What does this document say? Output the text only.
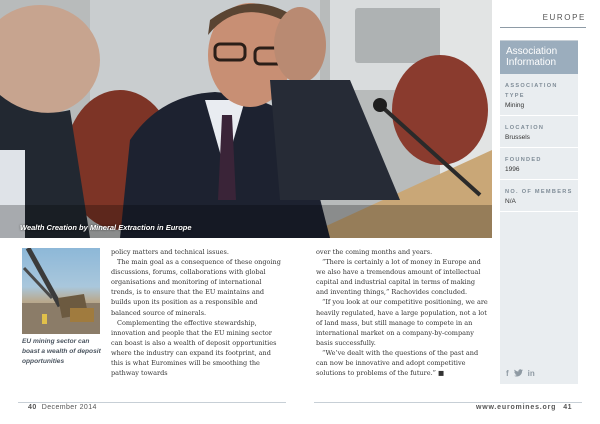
Wealth Creation by Mineral Extraction in Europe
EUROPE
Association Information
ASSOCIATION TYPE
Mining
LOCATION
Brussels
FOUNDED
1996
NO. OF MEMBERS
N/A
f in
EU mining sector can boast a wealth of deposit opportunities

policy matters and technical issues.

The main goal as a consequence of these ongoing discussions, forums, collaborations with global organisations and monitoring of international trends, is to ensure that the EU maintains and builds upon its position as a responsible and balanced source of minerals.

Complementing the effective stewardship, innovation and people that the EU mining sector can boast is also a wealth of deposit opportunities where the industry can expand its footprint, and this is what Euromines will be smoothing the pathway towards

over the coming months and years.

“There is certainly a lot of money in Europe and we also have a tremendous amount of intellectual capital and industrial capital in terms of making and inventing things,” Rachovides concluded.

“If you look at our competitive positioning, we are heavily regulated, have a large population, not a lot of land mass, but still manage to compete in an international market on a company-by-company basis successfully.

“We’ve dealt with the questions of the past and can now be innovative and adopt competitive solutions to problems of the future.” ■

40 December 2014	www.euromines.org 41
